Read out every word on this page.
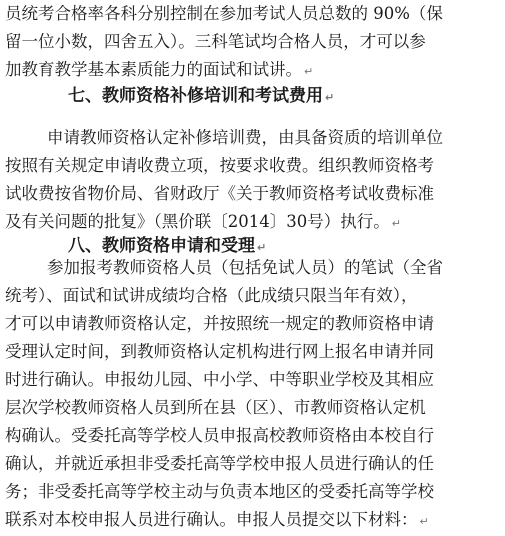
员统考合格率各科分别控制在参加考试人员总数的 90%（保
留一位小数，四舍五入）。三科笔试均合格人员，才可以参
加教育教学基本素质能力的面试和试讲。 ↵
七、教师资格补修培训和考试费用 ↵
申请教师资格认定补修培训费，由具备资质的培训单位
按照有关规定申请收费立项，按要求收费。组织教师资格考
试收费按省物价局、省财政厅《关于教师资格考试收费标准
及有关问题的批复》（黑价联〔2014〕30号）执行。 ↵
八、教师资格申请和受理 ↵
参加报考教师资格人员（包括免试人员）的笔试（全省
统考）、面试和试讲成绩均合格（此成绩只限当年有效），
才可以申请教师资格认定，并按照统一规定的教师资格申请
受理认定时间，到教师资格认定机构进行网上报名申请并同
时进行确认。申报幼儿园、中小学、中等职业学校及其相应
层次学校教师资格人员到所在县（区）、市教师资格认定机
构确认。受委托高等学校人员申报高校教师资格由本校自行
确认，并就近承担非受委托高等学校申报人员进行确认的任
务；非受委托高等学校主动与负责本地区的受委托高等学校
联系对本校申报人员进行确认。申报人员提交以下材料： ↵
